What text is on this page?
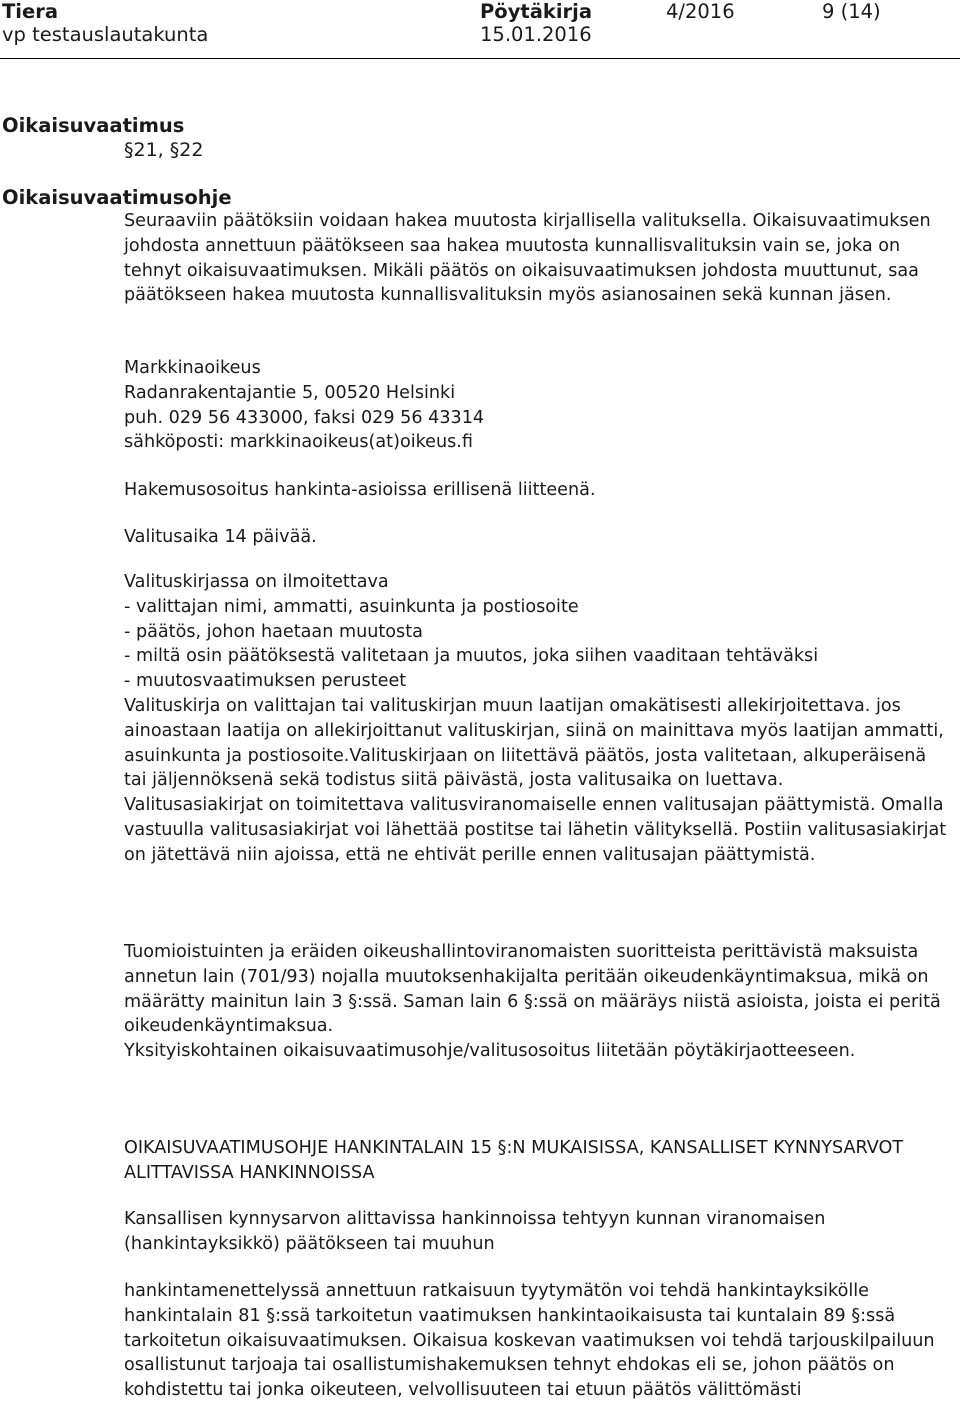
Tiera	Pöytäkirja	4/2016	9 (14)
vp testauslautakunta	15.01.2016
Oikaisuvaatimus

§21, §22

Oikaisuvaatimusohje

Seuraaviin päätöksiin voidaan hakea muutosta kirjallisella valituksella. Oikaisuvaatimuksen johdosta annettuun päätökseen saa hakea muutosta kunnallisvalituksin vain se, joka on tehnyt oikaisuvaatimuksen. Mikäli päätös on oikaisuvaatimuksen johdosta muuttunut, saa päätökseen hakea muutosta kunnallisvalituksin myös asianosainen sekä kunnan jäsen.

Markkinaoikeus

Radanrakentajantie 5, 00520 Helsinki

puh. 029 56 433000, faksi 029 56 43314

sähköposti: markkinaoikeus(at)oikeus.fi

Hakemusosoitus hankinta-asioissa erillisenä liitteenä.

Valitusaika 14 päivää.

Valituskirjassa on ilmoitettava

- valittajan nimi, ammatti, asuinkunta ja postiosoite

- päätös, johon haetaan muutosta

- miltä osin päätöksestä valitetaan ja muutos, joka siihen vaaditaan tehtäväksi

- muutosvaatimuksen perusteet

Valituskirja on valittajan tai valituskirjan muun laatijan omakätisesti allekirjoitettava. jos ainoastaan laatija on allekirjoittanut valituskirjan, siinä on mainittava myös laatijan ammatti, asuinkunta ja postiosoite.Valituskirjaan on liitettävä päätös, josta valitetaan, alkuperäisenä tai jäljennöksenä sekä todistus siitä päivästä, josta valitusaika on luettava.

Valitusasiakirjat on toimitettava valitusviranomaiselle ennen valitusajan päättymistä. Omalla vastuulla valitusasiakirjat voi lähettää postitse tai lähetin välityksellä. Postiin valitusasiakirjat on jätettävä niin ajoissa, että ne ehtivät perille ennen valitusajan päättymistä.

Tuomioistuinten ja eräiden oikeushallintoviranomaisten suoritteista perittävistä maksuista annetun lain (701/93) nojalla muutoksenhakijalta peritään oikeudenkäyntimaksua, mikä on määrätty mainitun lain 3 §:ssä. Saman lain 6 §:ssä on määräys niistä asioista, joista ei peritä oikeudenkäyntimaksua.

Yksityiskohtainen oikaisuvaatimusohje/valitusosoitus liitetään pöytäkirjaotteeseen.

OIKAISUVAATIMUSOHJE HANKINTALAIN 15 §:N MUKAISISSA, KANSALLISET KYNNYSARVOT ALITTAVISSA HANKINNOISSA

Kansallisen kynnysarvon alittavissa hankinnoissa tehtyyn kunnan viranomaisen (hankintayksikkö) päätökseen tai muuhun

hankintamenettelyssä annettuun ratkaisuun tyytymätön voi tehdä hankintayksikölle hankintalain 81 §:ssä tarkoitetun vaatimuksen hankintaoikaisusta tai kuntalain 89 §:ssä tarkoitetun oikaisuvaatimuksen. Oikaisua koskevan vaatimuksen voi tehdä tarjouskilpailuun osallistunut tarjoaja tai osallistumishakemuksen tehnyt ehdokas eli se, johon päätös on kohdistettu tai jonka oikeuteen, velvollisuuteen tai etuun päätös välittömästi
